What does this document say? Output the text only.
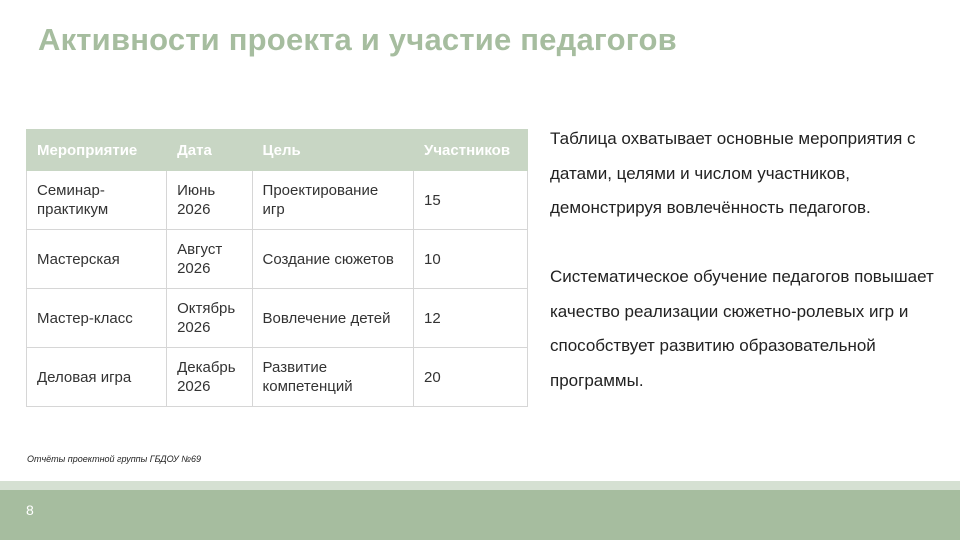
Активности проекта и участие педагогов
Мероприятие	Дата	Цель	Участников
Семинар-практикум	Июнь 2026	Проектирование игр	15
Мастерская	Август 2026	Создание сюжетов	10
Мастер-класс	Октябрь 2026	Вовлечение детей	12
Деловая игра	Декабрь 2026	Развитие компетенций	20

Таблица охватывает основные мероприятия с датами, целями и числом участников, демонстрируя вовлечённость педагогов.

Систематическое обучение педагогов повышает качество реализации сюжетно-ролевых игр и способствует развитию образовательной программы.

Отчёты проектной группы ГБДОУ №69
8
